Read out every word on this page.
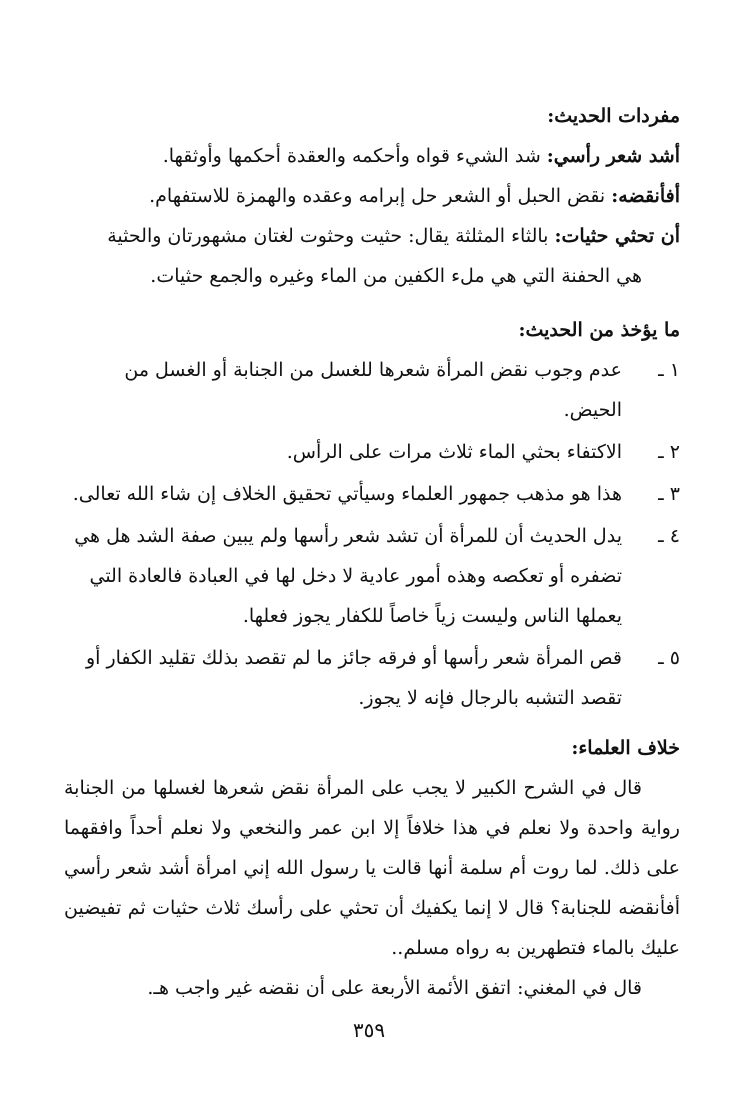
مفردات الحديث:

أشد شعر رأسي: شد الشيء قواه وأحكمه والعقدة أحكمها وأوثقها.

أفأنقضه: نقض الحبل أو الشعر حل إبرامه وعقده والهمزة للاستفهام.

أن تحثي حثيات: بالثاء المثلثة يقال: حثيت وحثوت لغتان مشهورتان والحثية

هي الحفنة التي هي ملء الكفين من الماء وغيره والجمع حثيات.

ما يؤخذ من الحديث:
١ ـ
عدم وجوب نقض المرأة شعرها للغسل من الجنابة أو الغسل من الحيض.
٢ ـ
الاكتفاء بحثي الماء ثلاث مرات على الرأس.
٣ ـ
هذا هو مذهب جمهور العلماء وسيأتي تحقيق الخلاف إن شاء الله تعالى.
٤ ـ
يدل الحديث أن للمرأة أن تشد شعر رأسها ولم يبين صفة الشد هل هي تضفره أو تعكصه وهذه أمور عادية لا دخل لها في العبادة فالعادة التي يعملها الناس وليست زياً خاصاً للكفار يجوز فعلها.
٥ ـ
قص المرأة شعر رأسها أو فرقه جائز ما لم تقصد بذلك تقليد الكفار أو تقصد التشبه بالرجال فإنه لا يجوز.
خلاف العلماء:

قال في الشرح الكبير لا يجب على المرأة نقض شعرها لغسلها من الجنابة رواية واحدة ولا نعلم في هذا خلافاً إلا ابن عمر والنخعي ولا نعلم أحداً وافقهما على ذلك. لما روت أم سلمة أنها قالت يا رسول الله إني امرأة أشد شعر رأسي أفأنقضه للجنابة؟ قال لا إنما يكفيك أن تحثي على رأسك ثلاث حثيات ثم تفيضين عليك بالماء فتطهرين به رواه مسلم..

قال في المغني: اتفق الأئمة الأربعة على أن نقضه غير واجب هـ.

٣٥٩
